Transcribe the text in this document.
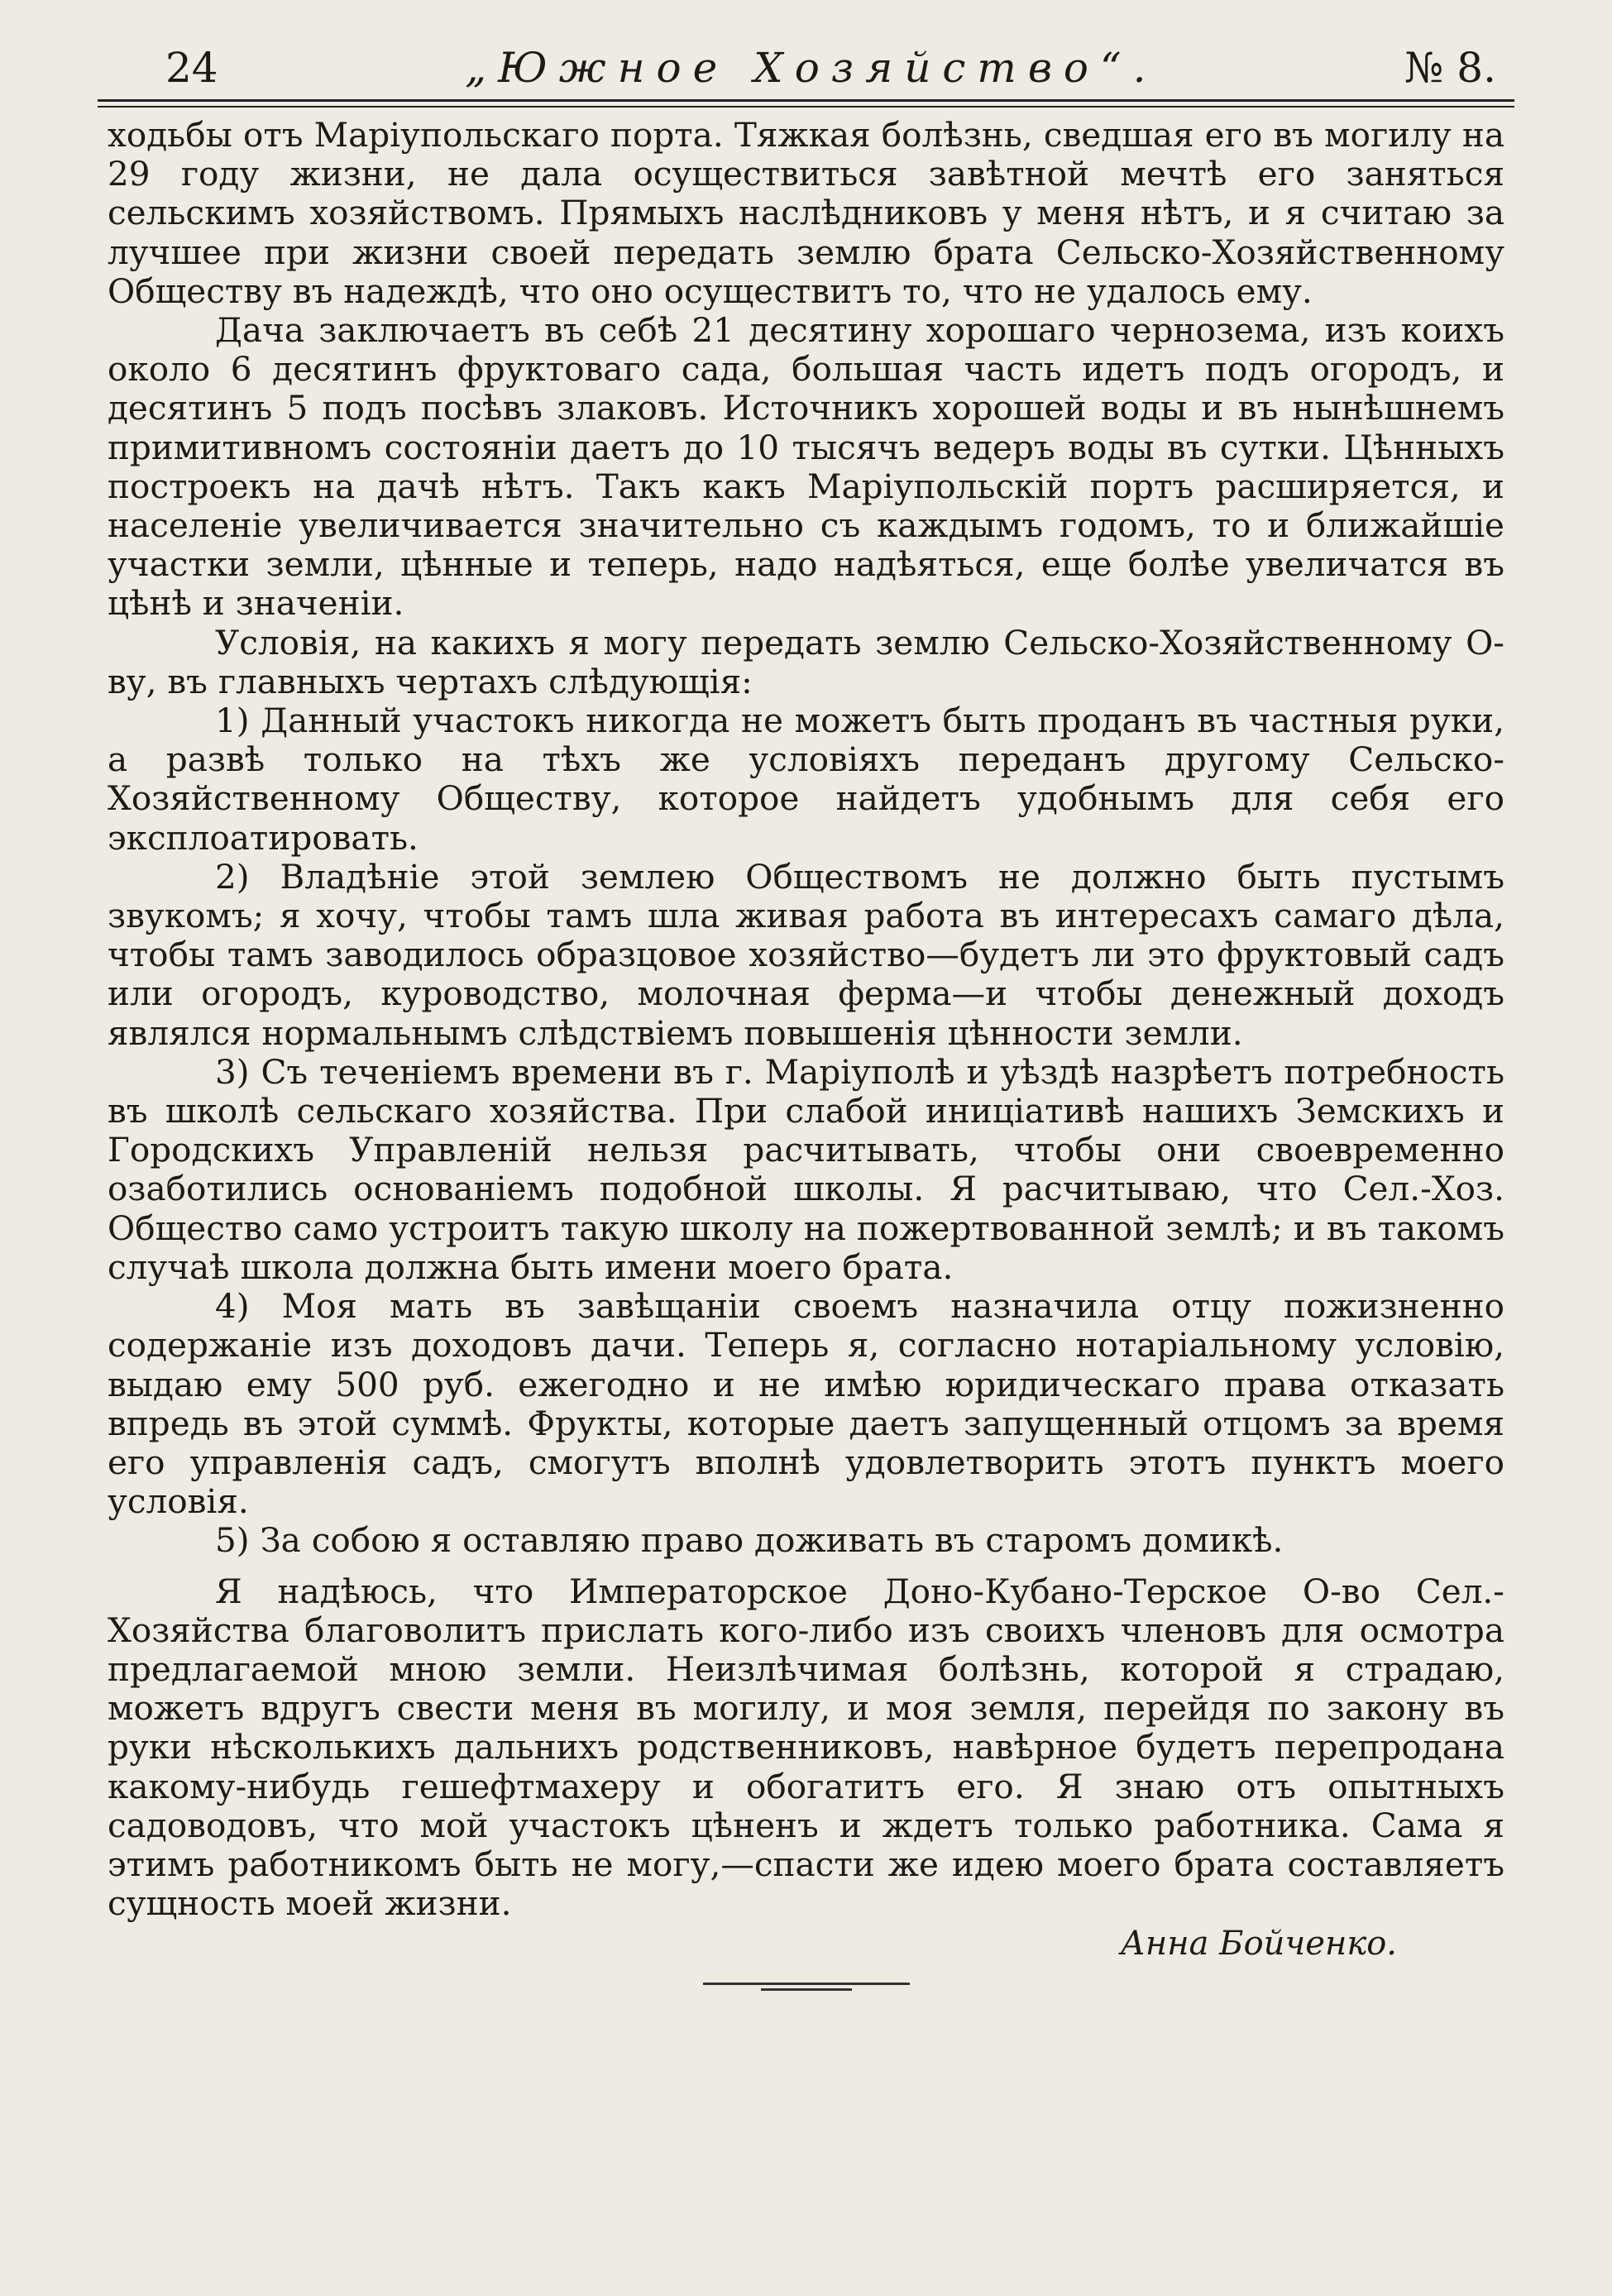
24	„Южное Хозяйство“.	№ 8.

ходьбы отъ Маріупольскаго порта. Тяжкая болѣзнь, сведшая его въ могилу на 29 году жизни, не дала осуществиться завѣтной мечтѣ его заняться сельскимъ хозяйствомъ. Прямыхъ наслѣдниковъ у меня нѣтъ, и я считаю за лучшее при жизни своей передать землю брата Сельско-Хозяйственному Обществу въ надеждѣ, что оно осуществитъ то, что не удалось ему.

Дача заключаетъ въ себѣ 21 десятину хорошаго чернозема, изъ коихъ около 6 десятинъ фруктоваго сада, большая часть идетъ подъ огородъ, и десятинъ 5 подъ посѣвъ злаковъ. Источникъ хорошей воды и въ нынѣшнемъ примитивномъ состояніи даетъ до 10 тысячъ ведеръ воды въ сутки. Цѣнныхъ построекъ на дачѣ нѣтъ. Такъ какъ Маріупольскій портъ расширяется, и населеніе увеличивается значительно съ каждымъ годомъ, то и ближайшіе участки земли, цѣнные и теперь, надо надѣяться, еще болѣе увеличатся въ цѣнѣ и значеніи.

Условія, на какихъ я могу передать землю Сельско-Хозяйственному О-ву, въ главныхъ чертахъ слѣдующія:

1) Данный участокъ никогда не можетъ быть проданъ въ частныя руки, а развѣ только на тѣхъ же условіяхъ переданъ другому Сельско-Хозяйственному Обществу, которое найдетъ удобнымъ для себя его эксплоатировать.

2) Владѣніе этой землею Обществомъ не должно быть пустымъ звукомъ; я хочу, чтобы тамъ шла живая работа въ интересахъ самаго дѣла, чтобы тамъ заводилось образцовое хозяйство—будетъ ли это фруктовый садъ или огородъ, куроводство, молочная ферма—и чтобы денежный доходъ являлся нормальнымъ слѣдствіемъ повышенія цѣнности земли.

3) Съ теченіемъ времени въ г. Маріуполѣ и уѣздѣ назрѣетъ потребность въ школѣ сельскаго хозяйства. При слабой иниціативѣ нашихъ Земскихъ и Городскихъ Управленій нельзя расчитывать, чтобы они своевременно озаботились основаніемъ подобной школы. Я расчитываю, что Сел.-Хоз. Общество само устроитъ такую школу на пожертвованной землѣ; и въ такомъ случаѣ школа должна быть имени моего брата.

4) Моя мать въ завѣщаніи своемъ назначила отцу пожизненно содержаніе изъ доходовъ дачи. Теперь я, согласно нотаріальному условію, выдаю ему 500 руб. ежегодно и не имѣю юридическаго права отказать впредь въ этой суммѣ. Фрукты, которые даетъ запущенный отцомъ за время его управленія садъ, смогутъ вполнѣ удовлетворить этотъ пунктъ моего условія.

5) За собою я оставляю право доживать въ старомъ домикѣ.

Я надѣюсь, что Императорское Доно-Кубано-Терское О-во Сел.-Хозяйства благоволитъ прислать кого-либо изъ своихъ членовъ для осмотра предлагаемой мною земли. Неизлѣчимая болѣзнь, которой я страдаю, можетъ вдругъ свести меня въ могилу, и моя земля, перейдя по закону въ руки нѣсколькихъ дальнихъ родственниковъ, навѣрное будетъ перепродана какому-нибудь гешефтмахеру и обогатитъ его. Я знаю отъ опытныхъ садоводовъ, что мой участокъ цѣненъ и ждетъ только работника. Сама я этимъ работникомъ быть не могу,—спасти же идею моего брата составляетъ сущность моей жизни.

Анна Бойченко.
